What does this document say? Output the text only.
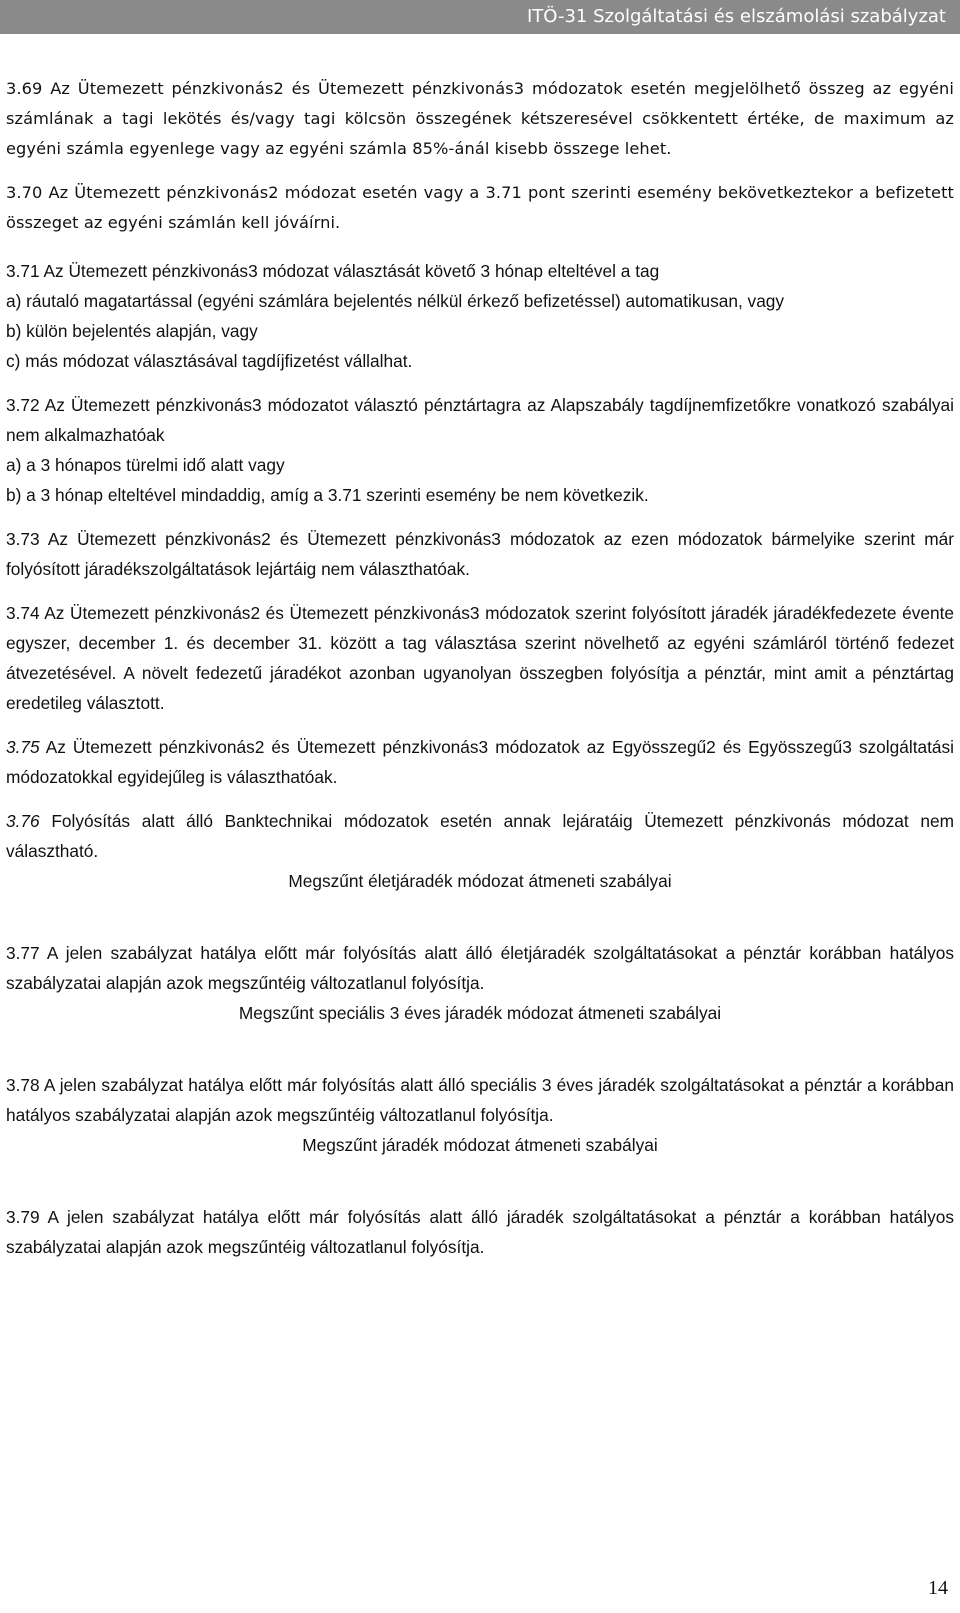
ITÖ-31 Szolgáltatási és elszámolási szabályzat

3.69 Az Ütemezett pénzkivonás2 és Ütemezett pénzkivonás3 módozatok esetén megjelölhető összeg az egyéni számlának a tagi lekötés és/vagy tagi kölcsön összegének kétszeresével csökkentett értéke, de maximum az egyéni számla egyenlege vagy az egyéni számla 85%-ánál kisebb összege lehet.

3.70 Az Ütemezett pénzkivonás2 módozat esetén vagy a 3.71 pont szerinti esemény bekövetkeztekor a befizetett összeget az egyéni számlán kell jóváírni.

3.71 Az Ütemezett pénzkivonás3 módozat választását követő 3 hónap elteltével a tag

a) ráutaló magatartással (egyéni számlára bejelentés nélkül érkező befizetéssel) automatikusan, vagy

b) külön bejelentés alapján, vagy

c) más módozat választásával tagdíjfizetést vállalhat.

3.72 Az Ütemezett pénzkivonás3 módozatot választó pénztártagra az Alapszabály tagdíjnemfizetőkre vonatkozó szabályai nem alkalmazhatóak

a) a 3 hónapos türelmi idő alatt vagy

b) a 3 hónap elteltével mindaddig, amíg a 3.71 szerinti esemény be nem következik.

3.73 Az Ütemezett pénzkivonás2 és Ütemezett pénzkivonás3 módozatok az ezen módozatok bármelyike szerint már folyósított járadékszolgáltatások lejártáig nem választhatóak.

3.74 Az Ütemezett pénzkivonás2 és Ütemezett pénzkivonás3 módozatok szerint folyósított járadék járadékfedezete évente egyszer, december 1. és december 31. között a tag választása szerint növelhető az egyéni számláról történő fedezet átvezetésével. A növelt fedezetű járadékot azonban ugyanolyan összegben folyósítja a pénztár, mint amit a pénztártag eredetileg választott.

3.75 Az Ütemezett pénzkivonás2 és Ütemezett pénzkivonás3 módozatok az Egyösszegű2 és Egyösszegű3 szolgáltatási módozatokkal egyidejűleg is választhatóak.

3.76 Folyósítás alatt álló Banktechnikai módozatok esetén annak lejáratáig Ütemezett pénzkivonás módozat nem választható.

Megszűnt életjáradék módozat átmeneti szabályai

3.77 A jelen szabályzat hatálya előtt már folyósítás alatt álló életjáradék szolgáltatásokat a pénztár korábban hatályos szabályzatai alapján azok megszűntéig változatlanul folyósítja.

Megszűnt speciális 3 éves járadék módozat átmeneti szabályai

3.78 A jelen szabályzat hatálya előtt már folyósítás alatt álló speciális 3 éves járadék szolgáltatásokat a pénztár a korábban hatályos szabályzatai alapján azok megszűntéig változatlanul folyósítja.

Megszűnt járadék módozat átmeneti szabályai

3.79 A jelen szabályzat hatálya előtt már folyósítás alatt álló járadék szolgáltatásokat a pénztár a korábban hatályos szabályzatai alapján azok megszűntéig változatlanul folyósítja.

14
